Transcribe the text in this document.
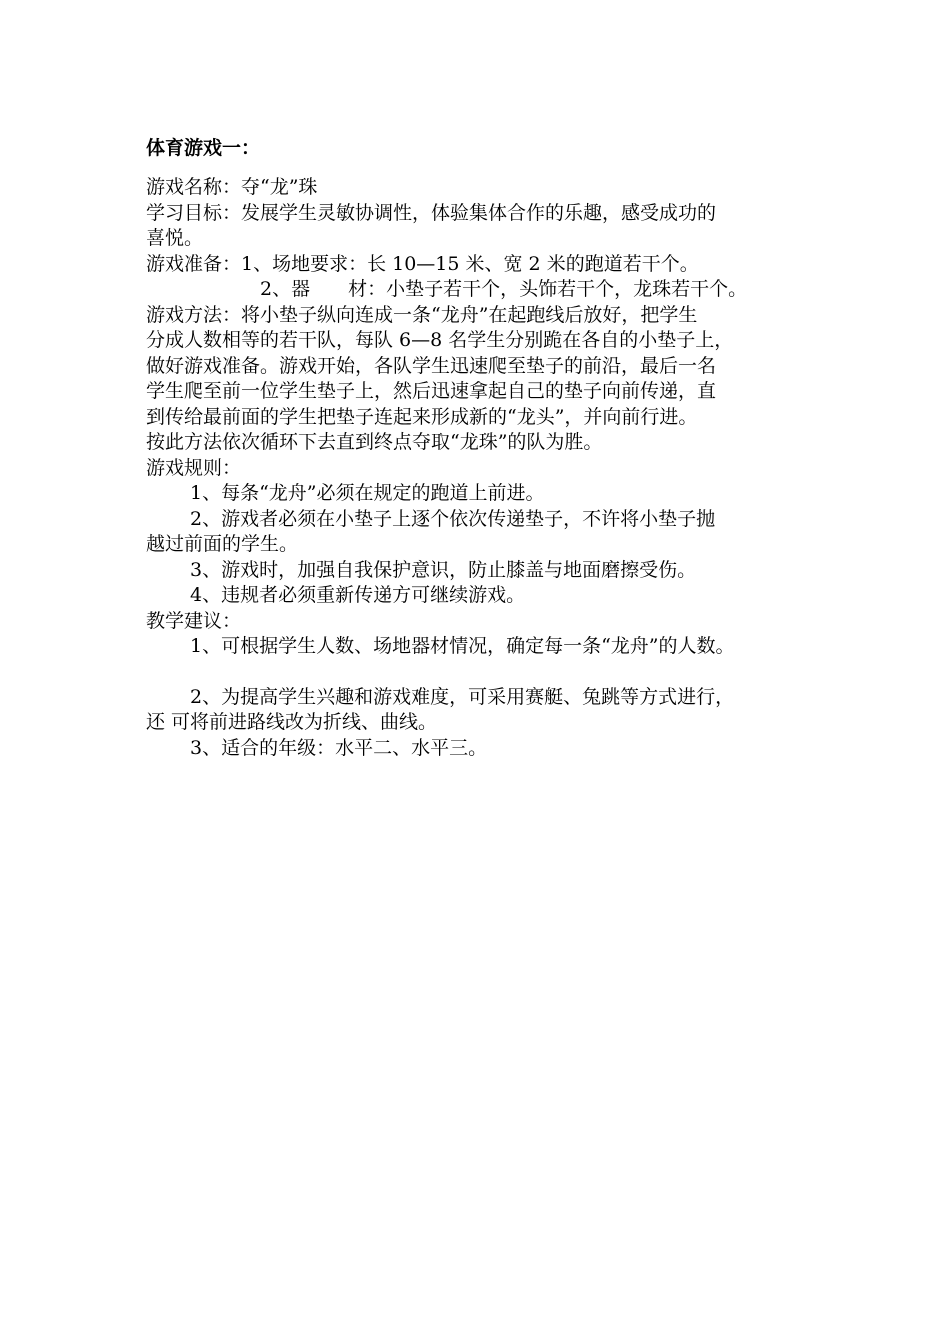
体育游戏一：

游戏名称：夺“龙”珠

学习目标：发展学生灵敏协调性，体验集体合作的乐趣，感受成功的

喜悦。

游戏准备：1、场地要求：长 10—15 米、宽 2 米的跑道若干个。

2、器　　材：小垫子若干个，头饰若干个，龙珠若干个。

游戏方法：将小垫子纵向连成一条“龙舟”在起跑线后放好，把学生

分成人数相等的若干队，每队 6—8 名学生分别跪在各自的小垫子上，

做好游戏准备。游戏开始，各队学生迅速爬至垫子的前沿，最后一名

学生爬至前一位学生垫子上，然后迅速拿起自己的垫子向前传递，直

到传给最前面的学生把垫子连起来形成新的“龙头”，并向前行进。

按此方法依次循环下去直到终点夺取“龙珠”的队为胜。

游戏规则：

1、每条“龙舟”必须在规定的跑道上前进。

2、游戏者必须在小垫子上逐个依次传递垫子，不许将小垫子抛

越过前面的学生。

3、游戏时，加强自我保护意识，防止膝盖与地面磨擦受伤。

4、违规者必须重新传递方可继续游戏。

教学建议：

1、可根据学生人数、场地器材情况，确定每一条“龙舟”的人数。

2、为提高学生兴趣和游戏难度，可采用赛艇、兔跳等方式进行，

还 可将前进路线改为折线、曲线。

3、适合的年级：水平二、水平三。
